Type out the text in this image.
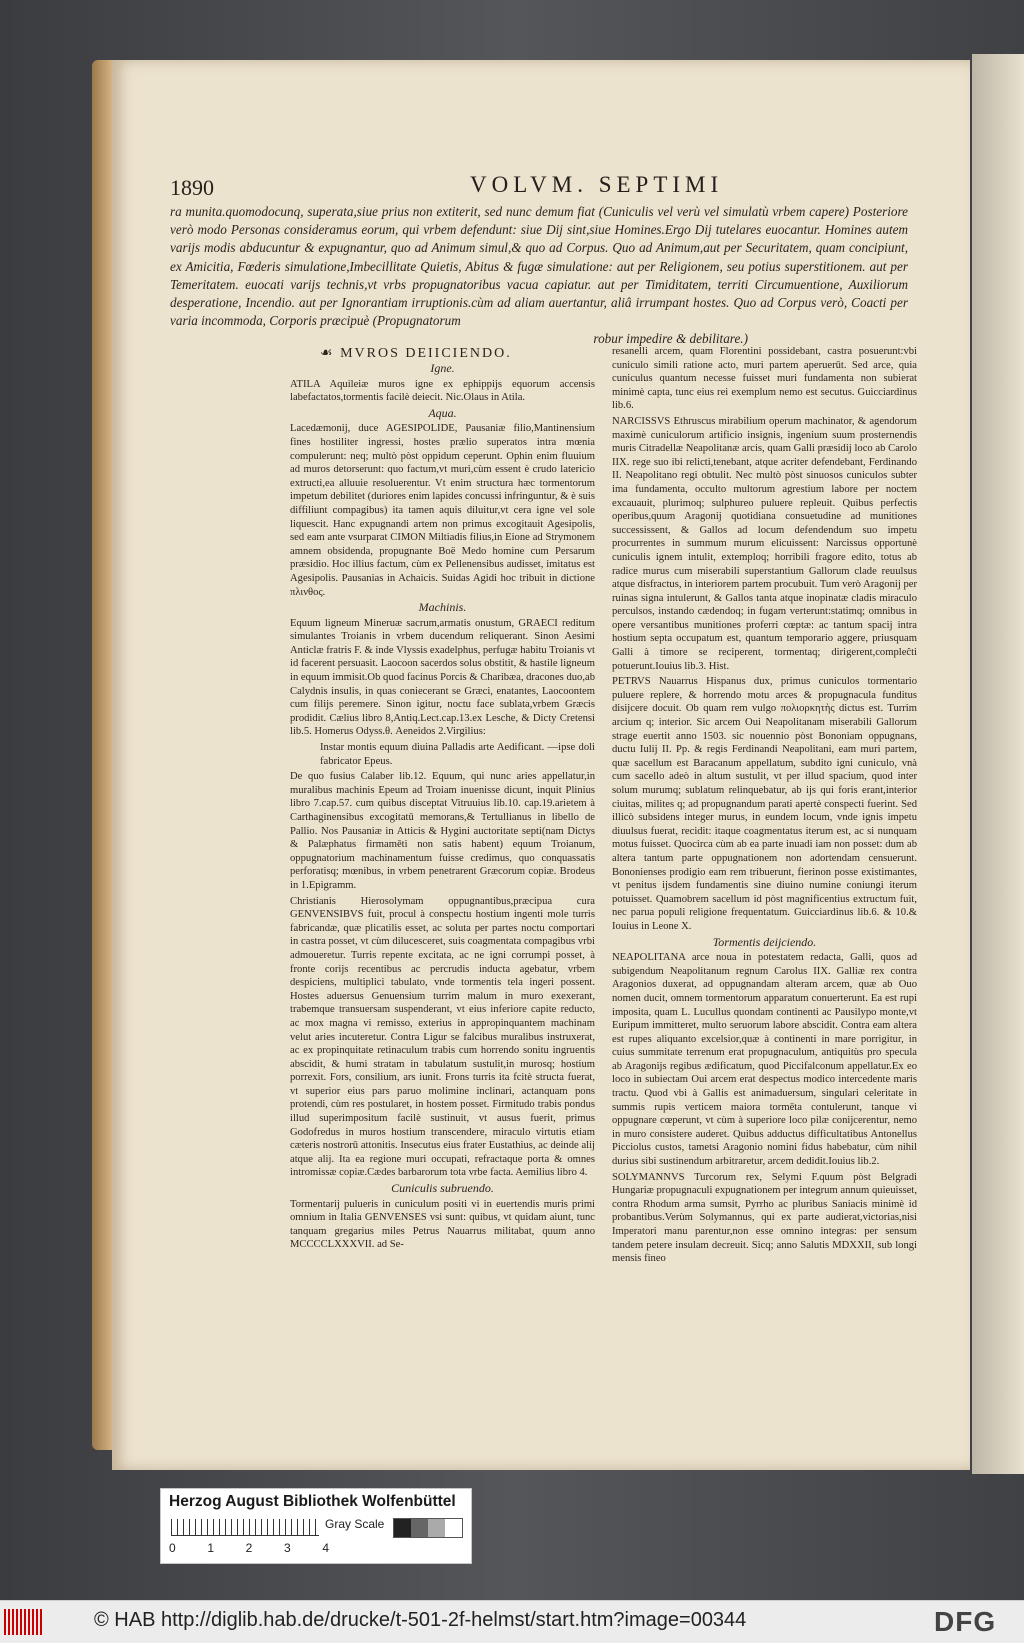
1890	VOLVM. SEPTIMI

ra munita.quomodocunq, superata,siue prius non extiterit, sed nunc demum fiat (Cuniculis vel verù vel simulatù vrbem capere) Posteriore verò modo Personas consideramus eorum, qui vrbem defendunt: siue Dij sint,siue Homines.Ergo Dij tutelares euocantur. Homines autem varijs modis abducuntur & expugnantur, quo ad Animum simul,& quo ad Corpus. Quo ad Animum,aut per Securitatem, quam concipiunt, ex Amicitia, Fœderis simulatione,Imbecillitate Quietis, Abitus & fugæ simulatione: aut per Religionem, seu potius superstitionem. aut per Temeritatem. euocati varijs technis,vt vrbs propugnatoribus vacua capiatur. aut per Timiditatem, territi Circumuentione, Auxiliorum desperatione, Incendio. aut per Ignorantiam irruptionis.cùm ad aliam auertantur, aliâ irrumpant hostes. Quo ad Corpus verò, Coacti per varia incommoda, Corporis præcipuè (Propugnatorum

robur impedire & debilitare.)

☙ MVROS DEIICIENDO.

Igne.

ATILA Aquileiæ muros igne ex ephippijs equorum accensis labefactatos,tormentis facilè deiecit. Nic.Olaus in Atila.

Aqua.

Lacedæmonij, duce AGESIPOLIDE, Pausaniæ filio,Mantinensium fines hostiliter ingressi, hostes prælio superatos intra mœnia compulerunt: neq; multò pòst oppidum ceperunt. Ophin enim fluuium ad muros detorserunt: quo factum,vt muri,cùm essent è crudo latericio extructi,ea alluuie resoluerentur. Vt enim structura hæc tormentorum impetum debilitet (duriores enim lapides concussi infringuntur, & è suis diffiliunt compagibus) ita tamen aquis diluitur,vt cera igne vel sole liquescit. Hanc expugnandi artem non primus excogitauit Agesipolis, sed eam ante vsurparat CIMON Miltiadis filius,in Eione ad Strymonem amnem obsidenda, propugnante Boë Medo homine cum Persarum præsidio. Hoc illius factum, cùm ex Pellenensibus audisset, imitatus est Agesipolis. Pausanias in Achaicis. Suidas Agidi hoc tribuit in dictione πλινθος.

Machinis.

Equum ligneum Mineruæ sacrum,armatis onustum, GRAECI reditum simulantes Troianis in vrbem ducendum reliquerant. Sinon Aesimi Anticlæ fratris F. & inde Vlyssis exadelphus, perfugæ habitu Troianis vt id facerent persuasit. Laocoon sacerdos solus obstitit, & hastile ligneum in equum immisit.Ob quod facinus Porcis & Charibæa, dracones duo,ab Calydnis insulis, in quas coniecerant se Græci, enatantes, Laocoontem cum filijs peremere. Sinon igitur, noctu face sublata,vrbem Græcis prodidit. Cælius libro 8,Antiq.Lect.cap.13.ex Lesche, & Dicty Cretensi lib.5. Homerus Odyss.θ. Aeneidos 2.Virgilius:

Instar montis equum diuina Palladis arte Aedificant. —ipse doli fabricator Epeus.

De quo fusius Calaber lib.12. Equum, qui nunc aries appellatur,in muralibus machinis Epeum ad Troiam inuenisse dicunt, inquit Plinius libro 7.cap.57. cum quibus disceptat Vitruuius lib.10. cap.19.arietem à Carthaginensibus excogitatū memorans,& Tertullianus in libello de Pallio. Nos Pausaniæ in Atticis & Hygini auctoritate septi(nam Dictys & Palæphatus firmamēti non satis habent) equum Troianum, oppugnatorium machinamentum fuisse credimus, quo conquassatis perforatisq; mœnibus, in vrbem penetrarent Græcorum copiæ. Brodeus in 1.Epigramm.

Christianis Hierosolymam oppugnantibus,præcipua cura GENVENSIBVS fuit, procul à conspectu hostium ingenti mole turris fabricandæ, quæ plicatilis esset, ac soluta per partes noctu comportari in castra posset, vt cùm dilucesceret, suis coagmentata compagibus vrbi admoueretur. Turris repente excitata, ac ne igni corrumpi posset, à fronte corijs recentibus ac percrudis inducta agebatur, vrbem despiciens, multiplici tabulato, vnde tormentis tela ingeri possent. Hostes aduersus Genuensium turrim malum in muro exexerant, trabemque transuersam suspenderant, vt eius inferiore capite reducto, ac mox magna vi remisso, exterius in appropinquantem machinam velut aries incuteretur. Contra Ligur se falcibus muralibus instruxerat, ac ex propinquitate retinaculum trabis cum horrendo sonitu ingruentis abscidit, & humi stratam in tabulatum sustulit,in murosq; hostium porrexit. Fors, consilium, ars iunit. Frons turris ita fcitè structa fuerat, vt superior eius pars paruo molimine inclinari, actanquam pons protendi, cùm res postularet, in hostem posset. Firmitudo trabis pondus illud superimpositum facilè sustinuit, vt ausus fuerit, primus Godofredus in muros hostium transcendere, miraculo virtutis etiam cæteris nostrorū attonitis. Insecutus eius frater Eustathius, ac deinde alij atque alij. Ita ea regione muri occupati, refractaque porta & omnes intromissæ copiæ.Cædes barbarorum tota vrbe facta. Aemilius libro 4.

Cuniculis subruendo.

Tormentarij pulueris in cuniculum positi vi in euertendis muris primi omnium in Italia GENVENSES vsi sunt: quibus, vt quidam aiunt, tunc tanquam gregarius miles Petrus Nauarrus militabat, quum anno MCCCCLXXXVII. ad Se-

resanelli arcem, quam Florentini possidebant, castra posuerunt:vbi cuniculo simili ratione acto, muri partem aperuerūt. Sed arce, quia cuniculus quantum necesse fuisset muri fundamenta non subierat minimè capta, tunc eius rei exemplum nemo est secutus. Guicciardinus lib.6.

NARCISSVS Ethruscus mirabilium operum machinator, & agendorum maximè cuniculorum artificio insignis, ingenium suum prosternendis muris Citradellæ Neapolitanæ arcis, quam Galli præsidij loco ab Carolo IIX. rege suo ibi relicti,tenebant, atque acriter defendebant, Ferdinando II. Neapolitano regi obtulit. Nec multò pòst sinuosos cuniculos subter ima fundamenta, occulto multorum agrestium labore per noctem excauauit, plurimoq; sulphureo puluere repleuit. Quibus perfectis operibus,quum Aragonij quotidiana consuetudine ad munitiones successissent, & Gallos ad locum defendendum suo impetu procurrentes in summum murum elicuissent: Narcissus opportunè cuniculis ignem intulit, extemploq; horribili fragore edito, totus ab radice murus cum miserabili superstantium Gallorum clade reuulsus atque disfractus, in interiorem partem procubuit. Tum verò Aragonij per ruinas signa intulerunt, & Gallos tanta atque inopinatæ cladis miraculo perculsos, instando cædendoq; in fugam verterunt:statimq; omnibus in opere versantibus munitiones proferri cœptæ: ac tantum spacij intra hostium septa occupatum est, quantum temporario aggere, priusquam Galli à timore se reciperent, tormentaq; dirigerent,compleĉti potuerunt.Iouius lib.3. Hist.

PETRVS Nauarrus Hispanus dux, primus cuniculos tormentario puluere replere, & horrendo motu arces & propugnacula funditus disijcere docuit. Ob quam rem vulgo πολιορκητὴς dictus est. Turrim arcium q; interior. Sic arcem Oui Neapolitanam miserabili Gallorum strage euertit anno 1503. sic nouennio pòst Bononiam oppugnans, ductu Iulij II. Pp. & regis Ferdinandi Neapolitani, eam muri partem, quæ sacellum est Baracanum appellatum, subdito igni cuniculo, vnà cum sacello adeò in altum sustulit, vt per illud spacium, quod inter solum murumq; sublatum relinquebatur, ab ijs qui foris erant,interior ciuitas, milites q; ad propugnandum parati apertè conspecti fuerint. Sed illicò subsidens integer murus, in eundem locum, vnde ignis impetu diuulsus fuerat, recidit: itaque coagmentatus iterum est, ac si nunquam motus fuisset. Quocirca cùm ab ea parte inuadi iam non posset: dum ab altera tantum parte oppugnationem non adortendam censuerunt. Bononienses prodigio eam rem tribuerunt, fierinon posse existimantes, vt penitus ijsdem fundamentis sine diuino numine coniungi iterum potuisset. Quamobrem sacellum id pòst magnificentius extructum fuit, nec parua populi religione frequentatum. Guicciardinus lib.6. & 10.& Iouius in Leone X.

Tormentis deijciendo.

NEAPOLITANA arce noua in potestatem redacta, Galli, quos ad subigendum Neapolitanum regnum Carolus IIX. Galliæ rex contra Aragonios duxerat, ad oppugnandam alteram arcem, quæ ab Ouo nomen ducit, omnem tormentorum apparatum conuerterunt. Ea est rupi imposita, quam L. Lucullus quondam continenti ac Pausilypo monte,vt Euripum immitteret, multo seruorum labore abscidit. Contra eam altera est rupes aliquanto excelsior,quæ à continenti in mare porrigitur, in cuius summitate terrenum erat propugnaculum, antiquitùs pro specula ab Aragonijs regibus ædificatum, quod Piccifalconum appellatur.Ex eo loco in subiectam Oui arcem erat despectus modico intercedente maris tractu. Quod vbi à Gallis est animaduersum, singulari celeritate in summis rupis verticem maiora tormēta contulerunt, tanque vi oppugnare cœperunt, vt cùm à superiore loco pilæ conijcerentur, nemo in muro consistere auderet. Quibus adductus difficultatibus Antonellus Picciolus custos, tametsi Aragonio nomini fidus habebatur, cùm nihil durius sibi sustinendum arbitraretur, arcem dedidit.Iouius lib.2.

SOLYMANNVS Turcorum rex, Selymi F.quum pòst Belgradi Hungariæ propugnaculi expugnationem per integrum annum quieuisset, contra Rhodum arma sumsit, Pyrrho ac pluribus Saniacis minimè id probantibus.Verùm Solymannus, qui ex parte audierat,victorias,nisi Imperatori manu parentur,non esse omnino integras: per sensum tandem petere insulam decreuit. Sicq; anno Salutis MDXXII, sub longi mensis fineo

Herzog August Bibliothek Wolfenbüttel
Gray Scale
0	1	2	3	4
© HAB http://diglib.hab.de/drucke/t-501-2f-helmst/start.htm?image=00344	DFG
